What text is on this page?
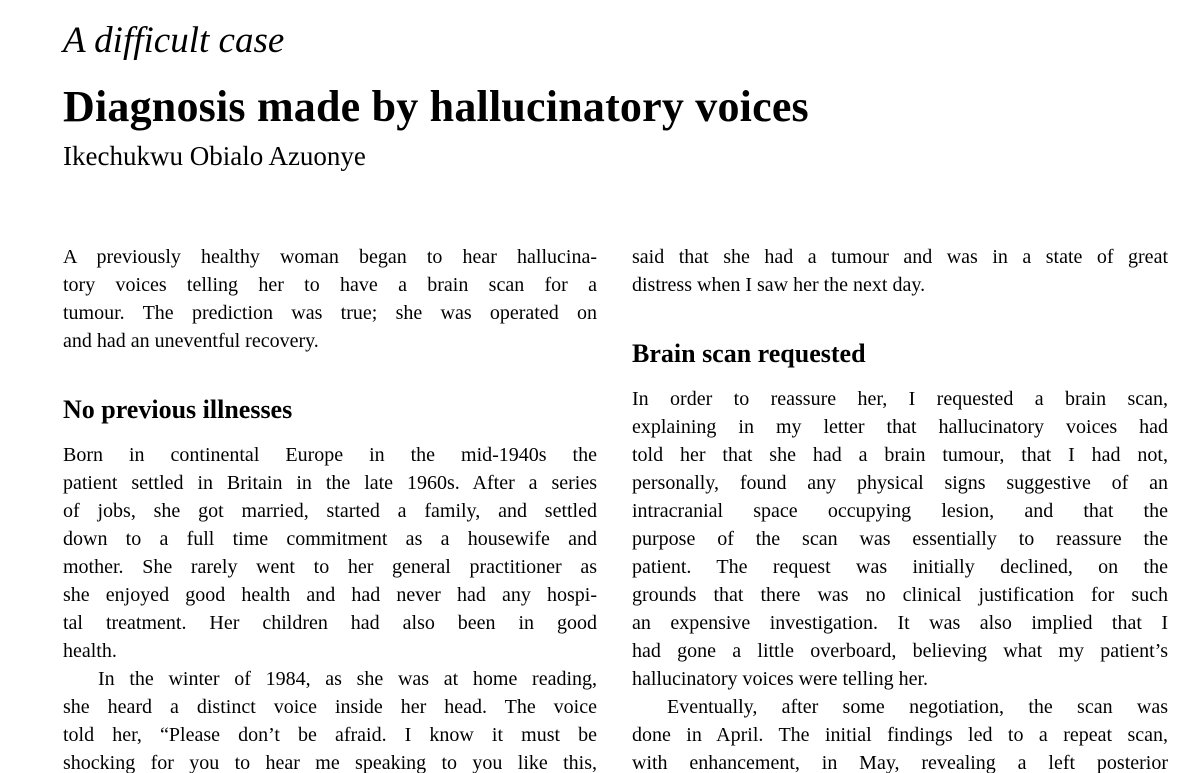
A difficult case
Diagnosis made by hallucinatory voices
Ikechukwu Obialo Azuonye
A previously healthy woman began to hear hallucina-
tory voices telling her to have a brain scan for a
tumour. The prediction was true; she was operated on
and had an uneventful recovery.
No previous illnesses
Born in continental Europe in the mid-1940s the
patient settled in Britain in the late 1960s. After a series
of jobs, she got married, started a family, and settled
down to a full time commitment as a housewife and
mother. She rarely went to her general practitioner as
she enjoyed good health and had never had any hospi-
tal treatment. Her children had also been in good
health.
In the winter of 1984, as she was at home reading,
she heard a distinct voice inside her head. The voice
told her, “Please don’t be afraid. I know it must be
shocking for you to hear me speaking to you like this,
said that she had a tumour and was in a state of great
distress when I saw her the next day.
Brain scan requested
In order to reassure her, I requested a brain scan,
explaining in my letter that hallucinatory voices had
told her that she had a brain tumour, that I had not,
personally, found any physical signs suggestive of an
intracranial space occupying lesion, and that the
purpose of the scan was essentially to reassure the
patient. The request was initially declined, on the
grounds that there was no clinical justification for such
an expensive investigation. It was also implied that I
had gone a little overboard, believing what my patient’s
hallucinatory voices were telling her.
Eventually, after some negotiation, the scan was
done in April. The initial findings led to a repeat scan,
with enhancement, in May, revealing a left posterior
